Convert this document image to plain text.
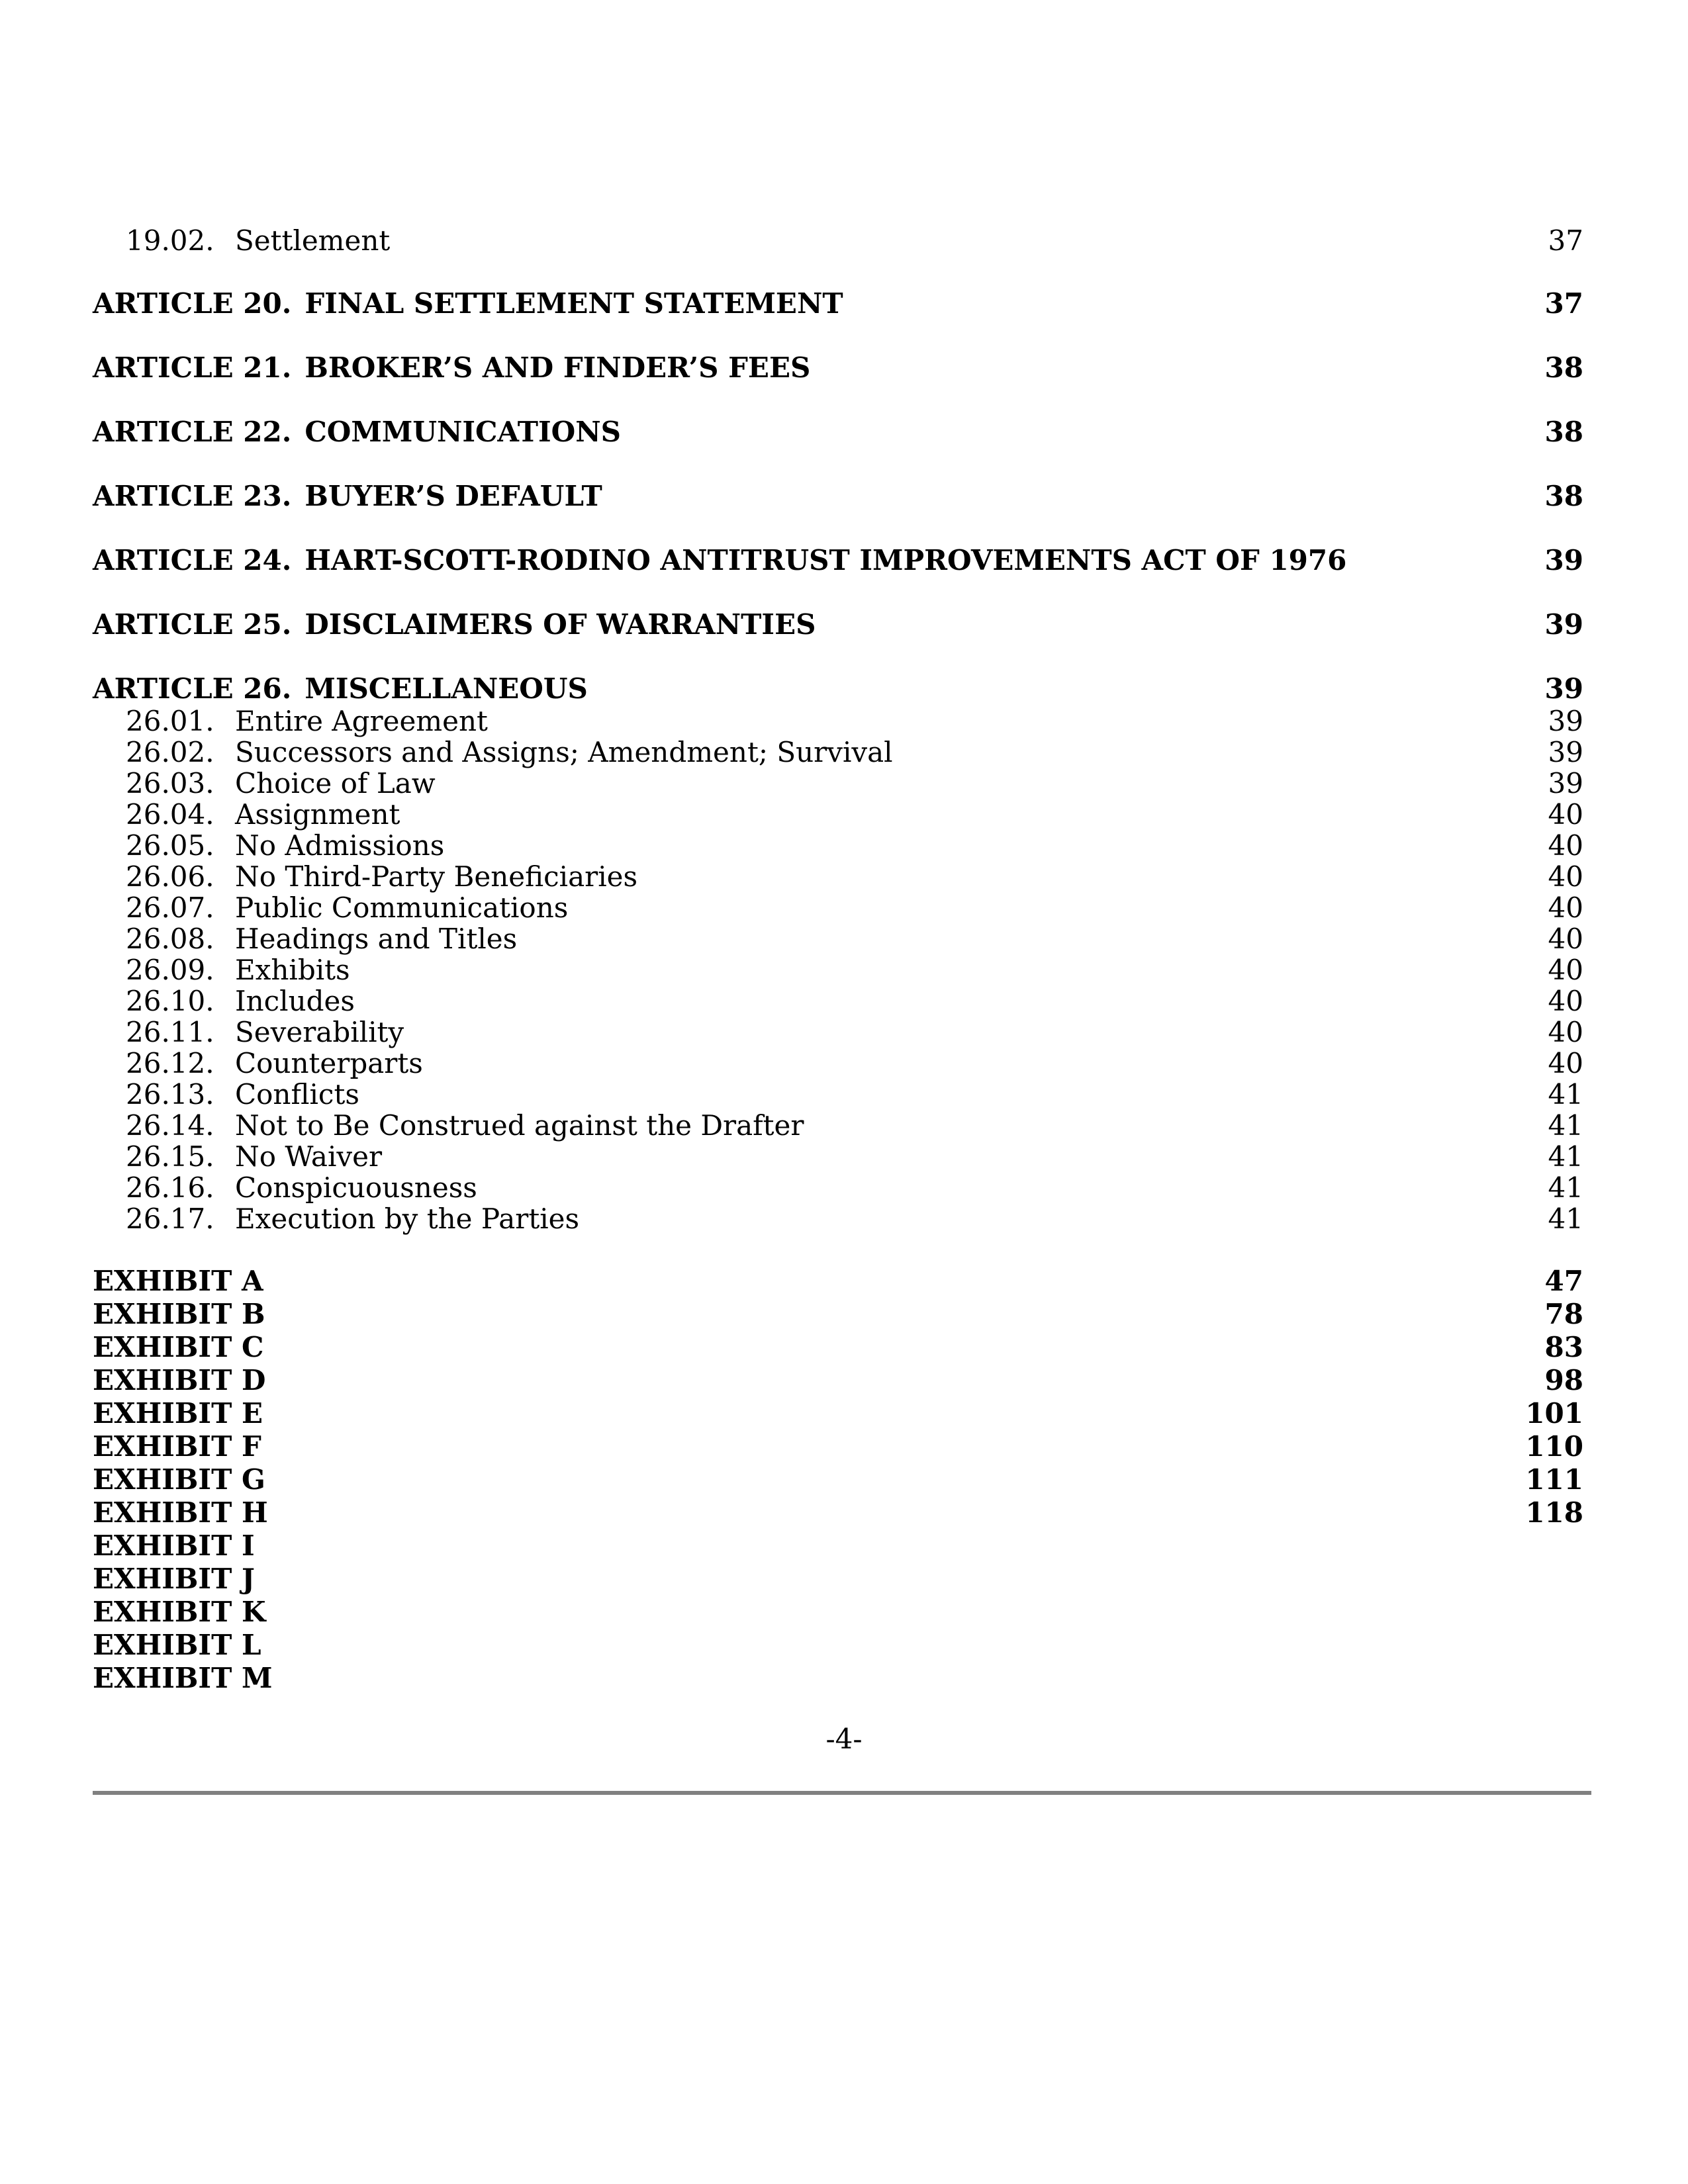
19.02. Settlement	37
ARTICLE 20. FINAL SETTLEMENT STATEMENT	37
ARTICLE 21. BROKER’S AND FINDER’S FEES	38
ARTICLE 22. COMMUNICATIONS	38
ARTICLE 23. BUYER’S DEFAULT	38
ARTICLE 24. HART-SCOTT-RODINO ANTITRUST IMPROVEMENTS ACT OF 1976	39
ARTICLE 25. DISCLAIMERS OF WARRANTIES	39
ARTICLE 26. MISCELLANEOUS	39
26.01. Entire Agreement	39
26.02. Successors and Assigns; Amendment; Survival	39
26.03. Choice of Law	39
26.04. Assignment	40
26.05. No Admissions	40
26.06. No Third-Party Beneficiaries	40
26.07. Public Communications	40
26.08. Headings and Titles	40
26.09. Exhibits	40
26.10. Includes	40
26.11. Severability	40
26.12. Counterparts	40
26.13. Conflicts	41
26.14. Not to Be Construed against the Drafter	41
26.15. No Waiver	41
26.16. Conspicuousness	41
26.17. Execution by the Parties	41
EXHIBIT A	47
EXHIBIT B	78
EXHIBIT C	83
EXHIBIT D	98
EXHIBIT E	101
EXHIBIT F	110
EXHIBIT G	111
EXHIBIT H	118
EXHIBIT I
EXHIBIT J
EXHIBIT K
EXHIBIT L
EXHIBIT M
-4-
